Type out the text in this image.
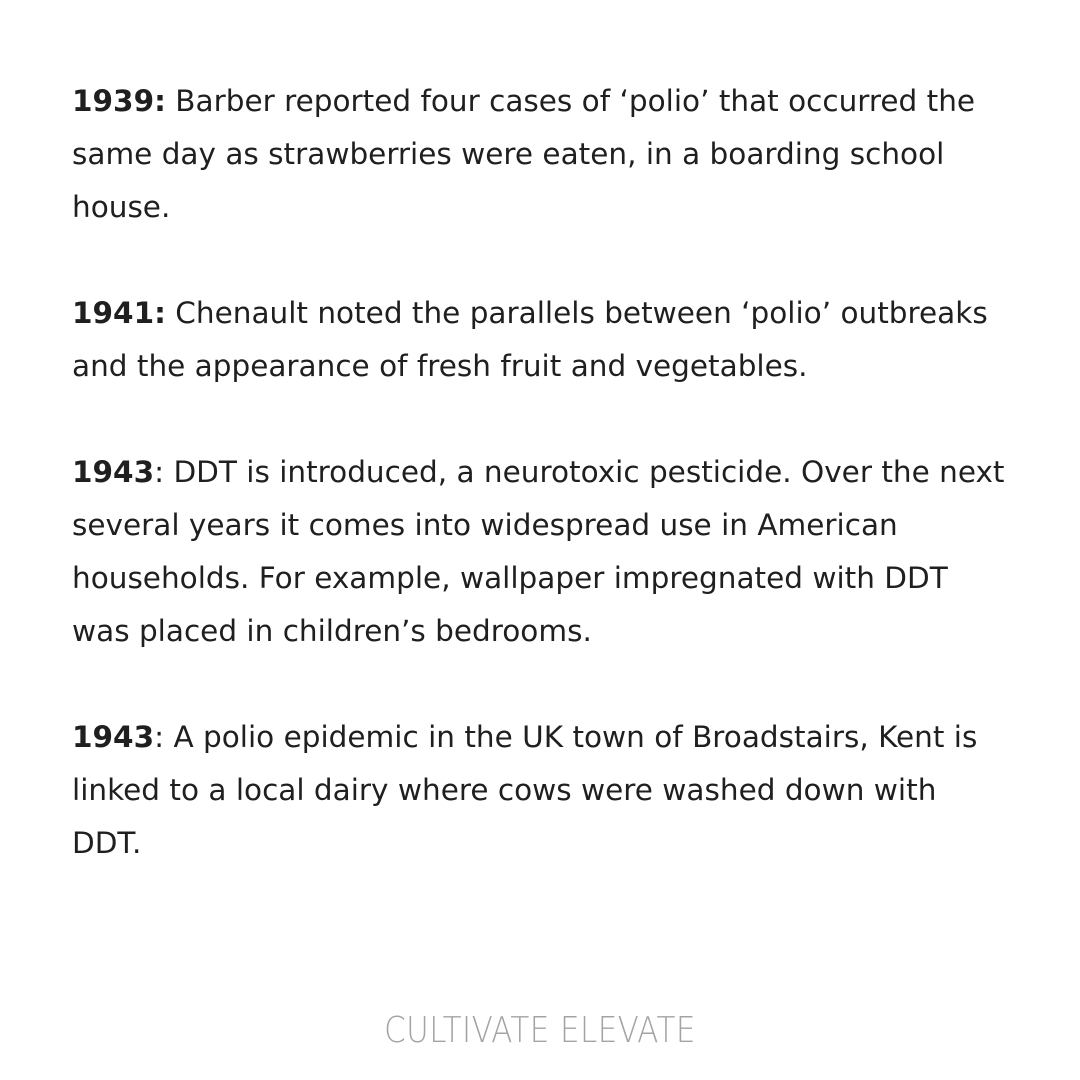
1939: Barber reported four cases of ‘polio’ that occurred the same day as strawberries were eaten, in a boarding school house.

1941: Chenault noted the parallels between ‘polio’ outbreaks and the appearance of fresh fruit and vegetables.

1943: DDT is introduced, a neurotoxic pesticide. Over the next several years it comes into widespread use in American households. For example, wallpaper impregnated with DDT was placed in children’s bedrooms.

1943: A polio epidemic in the UK town of Broadstairs, Kent is linked to a local dairy where cows were washed down with DDT.

CULTIVATE ELEVATE
